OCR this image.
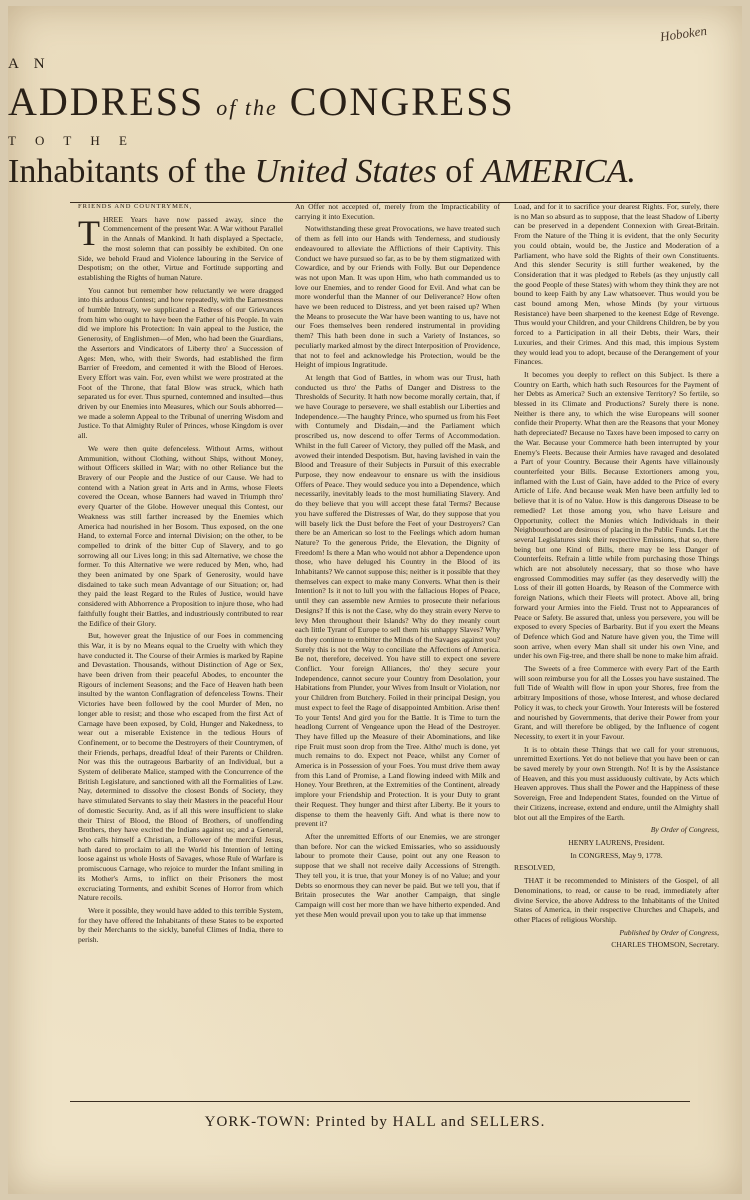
Hoboken
A N
ADDRESS of the CONGRESS
T O T H E
Inhabitants of the United States of AMERICA.

FRIENDS AND COUNTRYMEN,

THREE Years have now passed away, since the Commencement of the present War. A War without Parallel in the Annals of Mankind. It hath displayed a Spectacle, the most solemn that can possibly be exhibited. On one Side, we behold Fraud and Violence labouring in the Service of Despotism; on the other, Virtue and Fortitude supporting and establishing the Rights of human Nature.

You cannot but remember how reluctantly we were dragged into this arduous Contest; and how repeatedly, with the Earnestness of humble Intreaty, we supplicated a Redress of our Grievances from him who ought to have been the Father of his People. In vain did we implore his Protection: In vain appeal to the Justice, the Generosity, of Englishmen—of Men, who had been the Guardians, the Assertors and Vindicators of Liberty thro' a Succession of Ages: Men, who, with their Swords, had established the firm Barrier of Freedom, and cemented it with the Blood of Heroes. Every Effort was vain. For, even whilst we were prostrated at the Foot of the Throne, that fatal Blow was struck, which hath separated us for ever. Thus spurned, contemned and insulted—thus driven by our Enemies into Measures, which our Souls abhorred—we made a solemn Appeal to the Tribunal of unerring Wisdom and Justice. To that Almighty Ruler of Princes, whose Kingdom is over all.

We were then quite defenceless. Without Arms, without Ammunition, without Clothing, without Ships, without Money, without Officers skilled in War; with no other Reliance but the Bravery of our People and the Justice of our Cause. We had to contend with a Nation great in Arts and in Arms, whose Fleets covered the Ocean, whose Banners had waved in Triumph thro' every Quarter of the Globe. However unequal this Contest, our Weakness was still farther increased by the Enemies which America had nourished in her Bosom. Thus exposed, on the one Hand, to external Force and internal Division; on the other, to be compelled to drink of the bitter Cup of Slavery, and to go sorrowing all our Lives long; in this sad Alternative, we chose the former. To this Alternative we were reduced by Men, who, had they been animated by one Spark of Generosity, would have disdained to take such mean Advantage of our Situation; or, had they paid the least Regard to the Rules of Justice, would have considered with Abhorrence a Proposition to injure those, who had faithfully fought their Battles, and industriously contributed to rear the Edifice of their Glory.

But, however great the Injustice of our Foes in commencing this War, it is by no Means equal to the Cruelty with which they have conducted it. The Course of their Armies is marked by Rapine and Devastation. Thousands, without Distinction of Age or Sex, have been driven from their peaceful Abodes, to encounter the Rigours of inclement Seasons; and the Face of Heaven hath been insulted by the wanton Conflagration of defenceless Towns. Their Victories have been followed by the cool Murder of Men, no longer able to resist; and those who escaped from the first Act of Carnage have been exposed, by Cold, Hunger and Nakedness, to wear out a miserable Existence in the tedious Hours of Confinement, or to become the Destroyers of their Countrymen, of their Friends, perhaps, dreadful Idea! of their Parents or Children. Nor was this the outrageous Barbarity of an Individual, but a System of deliberate Malice, stamped with the Concurrence of the British Legislature, and sanctioned with all the Formalities of Law. Nay, determined to dissolve the closest Bonds of Society, they have stimulated Servants to slay their Masters in the peaceful Hour of domestic Security. And, as if all this were insufficient to slake their Thirst of Blood, the Blood of Brothers, of unoffending Brothers, they have excited the Indians against us; and a General, who calls himself a Christian, a Follower of the merciful Jesus, hath dared to proclaim to all the World his Intention of letting loose against us whole Hosts of Savages, whose Rule of Warfare is promiscuous Carnage, who rejoice to murder the Infant smiling in its Mother's Arms, to inflict on their Prisoners the most excruciating Torments, and exhibit Scenes of Horror from which Nature recoils.

Were it possible, they would have added to this terrible System, for they have offered the Inhabitants of these States to be exported by their Merchants to the sickly, baneful Climes of India, there to perish.

An Offer not accepted of, merely from the Impracticability of carrying it into Execution.

Notwithstanding these great Provocations, we have treated such of them as fell into our Hands with Tenderness, and studiously endeavoured to alleviate the Afflictions of their Captivity. This Conduct we have pursued so far, as to be by them stigmatized with Cowardice, and by our Friends with Folly. But our Dependence was not upon Man. It was upon Him, who hath commanded us to love our Enemies, and to render Good for Evil. And what can be more wonderful than the Manner of our Deliverance? How often have we been reduced to Distress, and yet been raised up? When the Means to prosecute the War have been wanting to us, have not our Foes themselves been rendered instrumental in providing them? This hath been done in such a Variety of Instances, so peculiarly marked almost by the direct Interposition of Providence, that not to feel and acknowledge his Protection, would be the Height of impious Ingratitude.

At length that God of Battles, in whom was our Trust, hath conducted us thro' the Paths of Danger and Distress to the Thresholds of Security. It hath now become morally certain, that, if we have Courage to persevere, we shall establish our Liberties and Independence.—The haughty Prince, who spurned us from his Feet with Contumely and Disdain,—and the Parliament which proscribed us, now descend to offer Terms of Accommodation. Whilst in the full Career of Victory, they pulled off the Mask, and avowed their intended Despotism. But, having lavished in vain the Blood and Treasure of their Subjects in Pursuit of this execrable Purpose, they now endeavour to ensnare us with the insidious Offers of Peace. They would seduce you into a Dependence, which necessarily, inevitably leads to the most humiliating Slavery. And do they believe that you will accept these fatal Terms? Because you have suffered the Distresses of War, do they suppose that you will basely lick the Dust before the Feet of your Destroyers? Can there be an American so lost to the Feelings which adorn human Nature? To the generous Pride, the Elevation, the Dignity of Freedom! Is there a Man who would not abhor a Dependence upon those, who have deluged his Country in the Blood of its Inhabitants? We cannot suppose this; neither is it possible that they themselves can expect to make many Converts. What then is their Intention? Is it not to lull you with the fallacious Hopes of Peace, until they can assemble new Armies to prosecute their nefarious Designs? If this is not the Case, why do they strain every Nerve to levy Men throughout their Islands? Why do they meanly court each little Tyrant of Europe to sell them his unhappy Slaves? Why do they continue to embitter the Minds of the Savages against you? Surely this is not the Way to conciliate the Affections of America. Be not, therefore, deceived. You have still to expect one severe Conflict. Your foreign Alliances, tho' they secure your Independence, cannot secure your Country from Desolation, your Habitations from Plunder, your Wives from Insult or Violation, nor your Children from Butchery. Foiled in their principal Design, you must expect to feel the Rage of disappointed Ambition. Arise then! To your Tents! And gird you for the Battle. It is Time to turn the headlong Current of Vengeance upon the Head of the Destroyer. They have filled up the Measure of their Abominations, and like ripe Fruit must soon drop from the Tree. Altho' much is done, yet much remains to do. Expect not Peace, whilst any Corner of America is in Possession of your Foes. You must drive them away from this Land of Promise, a Land flowing indeed with Milk and Honey. Your Brethren, at the Extremities of the Continent, already implore your Friendship and Protection. It is your Duty to grant their Request. They hunger and thirst after Liberty. Be it yours to dispense to them the heavenly Gift. And what is there now to prevent it?

After the unremitted Efforts of our Enemies, we are stronger than before. Nor can the wicked Emissaries, who so assiduously labour to promote their Cause, point out any one Reason to suppose that we shall not receive daily Accessions of Strength. They tell you, it is true, that your Money is of no Value; and your Debts so enormous they can never be paid. But we tell you, that if Britain prosecutes the War another Campaign, that single Campaign will cost her more than we have hitherto expended. And yet these Men would prevail upon you to take up that immense

Load, and for it to sacrifice your dearest Rights. For, surely, there is no Man so absurd as to suppose, that the least Shadow of Liberty can be preserved in a dependent Connexion with Great-Britain. From the Nature of the Thing it is evident, that the only Security you could obtain, would be, the Justice and Moderation of a Parliament, who have sold the Rights of their own Constituents. And this slender Security is still further weakened, by the Consideration that it was pledged to Rebels (as they unjustly call the good People of these States) with whom they think they are not bound to keep Faith by any Law whatsoever. Thus would you be cast bound among Men, whose Minds (by your virtuous Resistance) have been sharpened to the keenest Edge of Revenge. Thus would your Children, and your Childrens Children, be by you forced to a Participation in all their Debts, their Wars, their Luxuries, and their Crimes. And this mad, this impious System they would lead you to adopt, because of the Derangement of your Finances.

It becomes you deeply to reflect on this Subject. Is there a Country on Earth, which hath such Resources for the Payment of her Debts as America? Such an extensive Territory? So fertile, so blessed in its Climate and Productions? Surely there is none. Neither is there any, to which the wise Europeans will sooner confide their Property. What then are the Reasons that your Money hath depreciated? Because no Taxes have been imposed to carry on the War. Because your Commerce hath been interrupted by your Enemy's Fleets. Because their Armies have ravaged and desolated a Part of your Country. Because their Agents have villainously counterfeited your Bills. Because Extortioners among you, inflamed with the Lust of Gain, have added to the Price of every Article of Life. And because weak Men have been artfully led to believe that it is of no Value. How is this dangerous Disease to be remedied? Let those among you, who have Leisure and Opportunity, collect the Monies which Individuals in their Neighbourhood are desirous of placing in the Public Funds. Let the several Legislatures sink their respective Emissions, that so, there being but one Kind of Bills, there may be less Danger of Counterfeits. Refrain a little while from purchasing those Things which are not absolutely necessary, that so those who have engrossed Commodities may suffer (as they deservedly will) the Loss of their ill gotten Hoards, by Reason of the Commerce with foreign Nations, which their Fleets will protect. Above all, bring forward your Armies into the Field. Trust not to Appearances of Peace or Safety. Be assured that, unless you persevere, you will be exposed to every Species of Barbarity. But if you exert the Means of Defence which God and Nature have given you, the Time will soon arrive, when every Man shall sit under his own Vine, and under his own Fig-tree, and there shall be none to make him afraid.

The Sweets of a free Commerce with every Part of the Earth will soon reimburse you for all the Losses you have sustained. The full Tide of Wealth will flow in upon your Shores, free from the arbitrary Impositions of those, whose Interest, and whose declared Policy it was, to check your Growth. Your Interests will be fostered and nourished by Governments, that derive their Power from your Grant, and will therefore be obliged, by the Influence of cogent Necessity, to exert it in your Favour.

It is to obtain these Things that we call for your strenuous, unremitted Exertions. Yet do not believe that you have been or can be saved merely by your own Strength. No! It is by the Assistance of Heaven, and this you must assiduously cultivate, by Acts which Heaven approves. Thus shall the Power and the Happiness of these Sovereign, Free and Independent States, founded on the Virtue of their Citizens, increase, extend and endure, until the Almighty shall blot out all the Empires of the Earth.

By Order of Congress,

HENRY LAURENS, President.

In CONGRESS, May 9, 1778.

RESOLVED,

THAT it be recommended to Ministers of the Gospel, of all Denominations, to read, or cause to be read, immediately after divine Service, the above Address to the Inhabitants of the United States of America, in their respective Churches and Chapels, and other Places of religious Worship.

Published by Order of Congress,

CHARLES THOMSON, Secretary.

YORK-TOWN: Printed by HALL and SELLERS.
